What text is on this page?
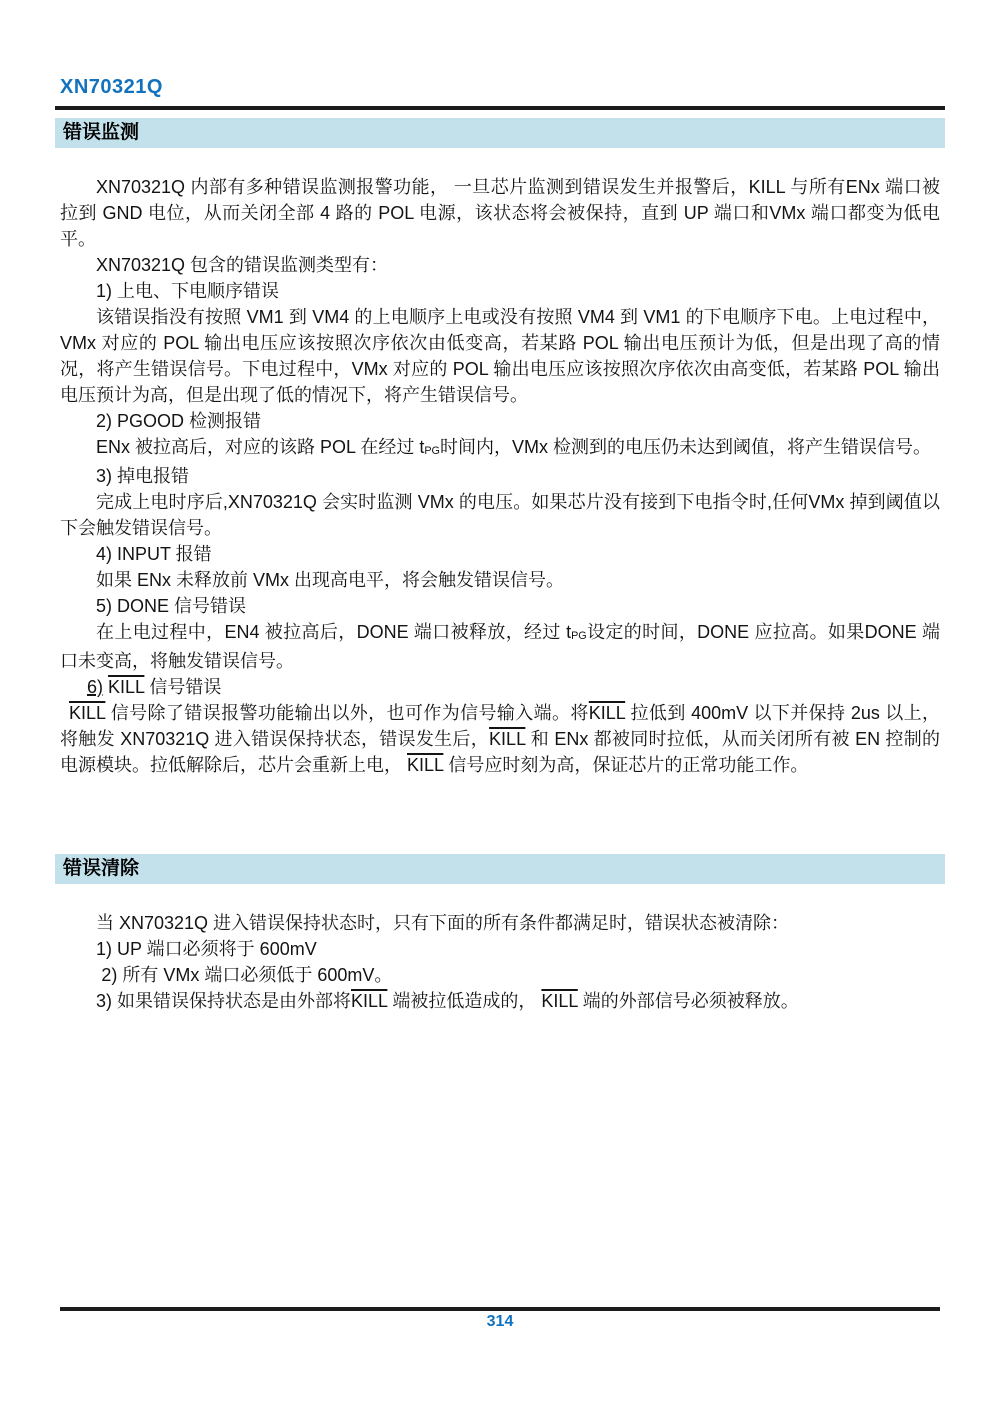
XN70321Q
错误监测

XN70321Q 内部有多种错误监测报警功能， 一旦芯片监测到错误发生并报警后，KILL 与所有ENx 端口被拉到 GND 电位，从而关闭全部 4 路的 POL 电源，该状态将会被保持，直到 UP 端口和VMx 端口都变为低电平。

XN70321Q 包含的错误监测类型有：

1) 上电、下电顺序错误

该错误指没有按照 VM1 到 VM4 的上电顺序上电或没有按照 VM4 到 VM1 的下电顺序下电。上电过程中，VMx 对应的 POL 输出电压应该按照次序依次由低变高，若某路 POL 输出电压预计为低，但是出现了高的情况，将产生错误信号。下电过程中，VMx 对应的 POL 输出电压应该按照次序依次由高变低，若某路 POL 输出电压预计为高，但是出现了低的情况下，将产生错误信号。

2) PGOOD 检测报错

ENx 被拉高后，对应的该路 POL 在经过 tPG时间内，VMx 检测到的电压仍未达到阈值，将产生错误信号。

3) 掉电报错

完成上电时序后,XN70321Q 会实时监测 VMx 的电压。如果芯片没有接到下电指令时,任何VMx 掉到阈值以下会触发错误信号。

4) INPUT 报错

如果 ENx 未释放前 VMx 出现高电平，将会触发错误信号。

5) DONE 信号错误

在上电过程中，EN4 被拉高后，DONE 端口被释放，经过 tPG设定的时间，DONE 应拉高。如果DONE 端口未变高，将触发错误信号。

6) KILL 信号错误

KILL 信号除了错误报警功能输出以外，也可作为信号输入端。将KILL 拉低到 400mV 以下并保持 2us 以上，将触发 XN70321Q 进入错误保持状态，错误发生后，KILL 和 ENx 都被同时拉低，从而关闭所有被 EN 控制的电源模块。拉低解除后，芯片会重新上电， KILL 信号应时刻为高，保证芯片的正常功能工作。

错误清除

当 XN70321Q 进入错误保持状态时，只有下面的所有条件都满足时，错误状态被清除：

1) UP 端口必须将于 600mV

2) 所有 VMx 端口必须低于 600mV。

3) 如果错误保持状态是由外部将KILL 端被拉低造成的， KILL 端的外部信号必须被释放。

314
